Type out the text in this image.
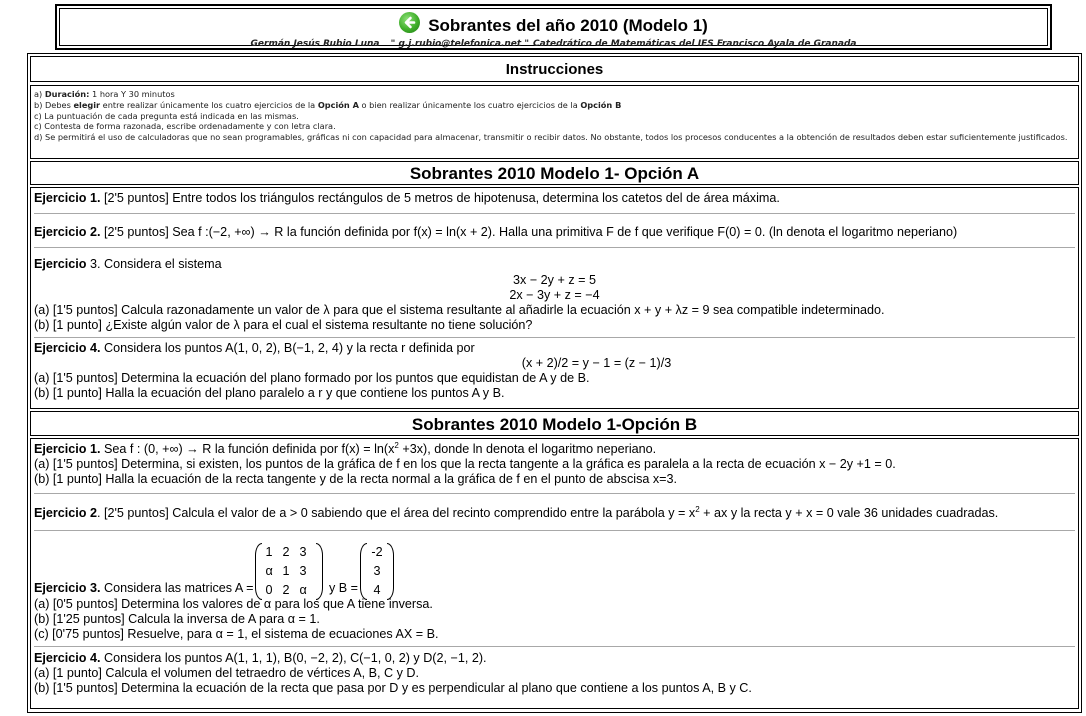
Sobrantes del año 2010 (Modelo 1)
Germán Jesús Rubio Luna " g.j.rubio@telefonica.net " Catedrático de Matemáticas del IES Francisco Ayala de Granada
Instrucciones
a) Duración: 1 hora Y 30 minutos
b) Debes elegir entre realizar únicamente los cuatro ejercicios de la Opción A o bien realizar únicamente los cuatro ejercicios de la Opción B
c) La puntuación de cada pregunta está indicada en las mismas.
c) Contesta de forma razonada, escribe ordenadamente y con letra clara.
d) Se permitirá el uso de calculadoras que no sean programables, gráficas ni con capacidad para almacenar, transmitir o recibir datos. No obstante, todos los procesos conducentes a la obtención de resultados deben estar suficientemente justificados.
Sobrantes 2010 Modelo 1- Opción A
Ejercicio 1. [2'5 puntos] Entre todos los triángulos rectángulos de 5 metros de hipotenusa, determina los catetos del de área máxima.
Ejercicio 2. [2'5 puntos] Sea f :(−2, +∞) → R la función definida por f(x) = ln(x + 2). Halla una primitiva F de f que verifique F(0) = 0. (ln denota el logaritmo neperiano)
Ejercicio 3. Considera el sistema
3x − 2y + z = 5
2x − 3y + z = −4
(a) [1'5 puntos] Calcula razonadamente un valor de λ para que el sistema resultante al añadirle la ecuación x + y + λz = 9 sea compatible indeterminado.
(b) [1 punto] ¿Existe algún valor de λ para el cual el sistema resultante no tiene solución?
Ejercicio 4. Considera los puntos A(1, 0, 2), B(−1, 2, 4) y la recta r definida por
(x + 2)/2 = y − 1 = (z − 1)/3
(a) [1'5 puntos] Determina la ecuación del plano formado por los puntos que equidistan de A y de B.
(b) [1 punto] Halla la ecuación del plano paralelo a r y que contiene los puntos A y B.
Sobrantes 2010 Modelo 1-Opción B
Ejercicio 1. Sea f : (0, +∞) → R la función definida por $f(x) = \ln(x^2 +3x)$, donde ln denota el logaritmo neperiano.
(a) [1'5 puntos] Determina, si existen, los puntos de la gráfica de f en los que la recta tangente a la gráfica es paralela a la recta de ecuación x − 2y +1 = 0.
(b) [1 punto] Halla la ecuación de la recta tangente y de la recta normal a la gráfica de f en el punto de abscisa x=3.
Ejercicio 2. [2'5 puntos] Calcula el valor de a > 0 sabiendo que el área del recinto comprendido entre la parábola $y = x^2$ + ax y la recta y + x = 0 vale 36 unidades cuadradas.
Ejercicio 3. Considera las matrices A =
1 2 3
α 1 3
0 2 α	y B =
-2
3
4
(a) [0'5 puntos] Determina los valores de α para los que A tiene inversa.
(b) [1'25 puntos] Calcula la inversa de A para α = 1.
(c) [0'75 puntos] Resuelve, para α = 1, el sistema de ecuaciones AX = B.
Ejercicio 4. Considera los puntos A(1, 1, 1), B(0, −2, 2), C(−1, 0, 2) y D(2, −1, 2).
(a) [1 punto] Calcula el volumen del tetraedro de vértices A, B, C y D.
(b) [1'5 puntos] Determina la ecuación de la recta que pasa por D y es perpendicular al plano que contiene a los puntos A, B y C.
